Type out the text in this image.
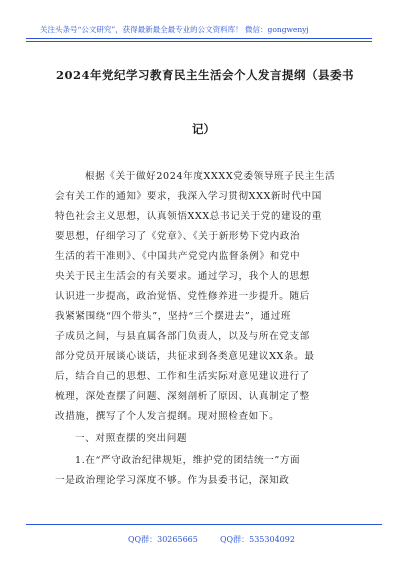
关注头条号“公文研究”，获得最新最全最专业的公文资料库！ 微信：gongwenyj
2024年党纪学习教育民主生活会个人发言提纲（县委书
记）
根据《关于做好2024年度XXXX党委领导班子民主生活
会有关工作的通知》要求，我深入学习贯彻XXX新时代中国
特色社会主义思想，认真领悟XXX总书记关于党的建设的重
要思想，仔细学习了《党章》、《关于新形势下党内政治
生活的若干准则》、《中国共产党党内监督条例》和党中
央关于民主生活会的有关要求。通过学习，我个人的思想
认识进一步提高，政治觉悟、党性修养进一步提升。随后
我紧紧围绕“四个带头”，坚持“三个摆进去”，通过班
子成员之间，与县直属各部门负责人，以及与所在党支部
部分党员开展谈心谈话，共征求到各类意见建议XX条。最
后，结合自己的思想、工作和生活实际对意见建议进行了
梳理，深处查摆了问题、深刻剖析了原因、认真制定了整
改措施，撰写了个人发言提纲。现对照检查如下。
一、对照查摆的突出问题
1.在“严守政治纪律规矩，维护党的团结统一”方面
一是政治理论学习深度不够。作为县委书记，深知政
QQ群：30265665	QQ群：535304092
